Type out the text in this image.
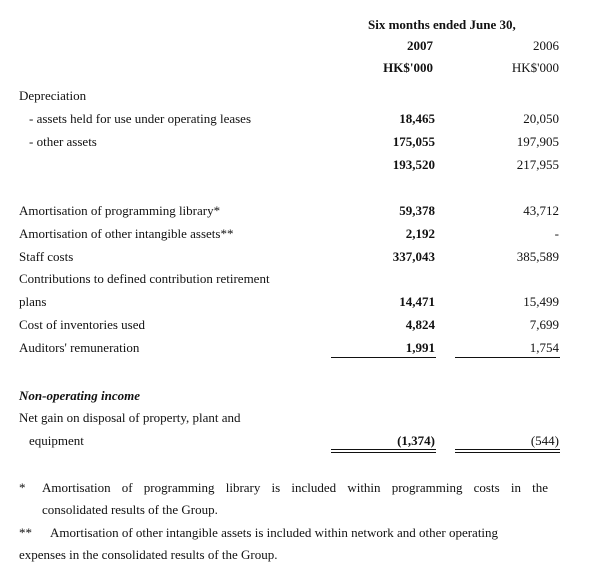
Six months ended June 30,
2007	2006
HK$'000	HK$'000
Depreciation
- assets held for use under operating leases	18,465	20,050
- other assets	175,055	197,905
193,520	217,955
Amortisation of programming library*	59,378	43,712
Amortisation of other intangible assets**	2,192	-
Staff costs	337,043	385,589
Contributions to defined contribution retirement
plans	14,471	15,499
Cost of inventories used	4,824	7,699
Auditors' remuneration	1,991	1,754
Non-operating income
Net gain on disposal of property, plant and
equipment	(1,374)	(544)
* Amortisation of programming library is included within programming costs in the
consolidated results of the Group.
** Amortisation of other intangible assets is included within network and other operating
expenses in the consolidated results of the Group.
